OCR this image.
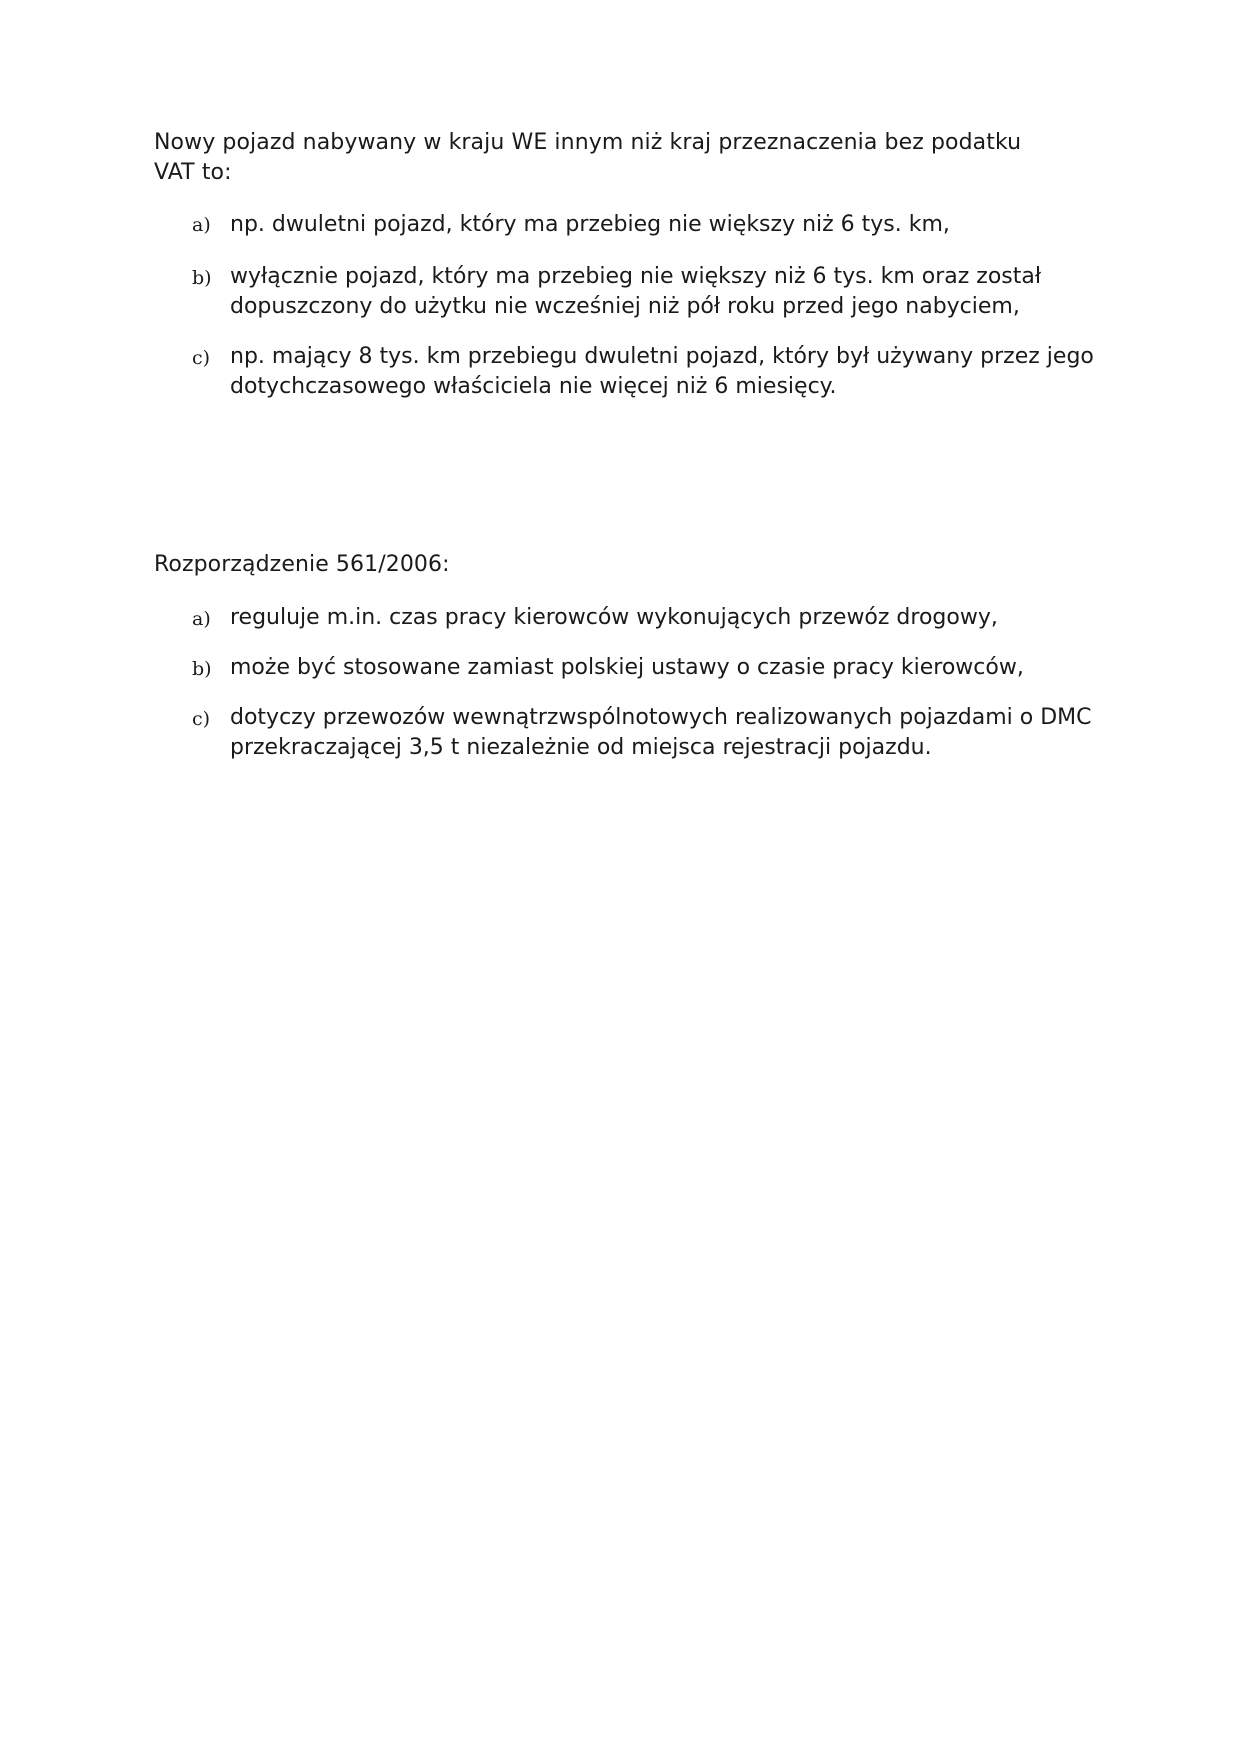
Nowy pojazd nabywany w kraju WE innym niż kraj przeznaczenia bez podatku VAT to:
a) np. dwuletni pojazd, który ma przebieg nie większy niż 6 tys. km,
b) wyłącznie pojazd, który ma przebieg nie większy niż 6 tys. km oraz został dopuszczony do użytku nie wcześniej niż pół roku przed jego nabyciem,
c) np. mający 8 tys. km przebiegu dwuletni pojazd, który był używany przez jego dotychczasowego właściciela nie więcej niż 6 miesięcy.
Rozporządzenie 561/2006:
a) reguluje m.in. czas pracy kierowców wykonujących przewóz drogowy,
b) może być stosowane zamiast polskiej ustawy o czasie pracy kierowców,
c) dotyczy przewozów wewnątrzwspólnotowych realizowanych pojazdami o DMC przekraczającej 3,5 t niezależnie od miejsca rejestracji pojazdu.
